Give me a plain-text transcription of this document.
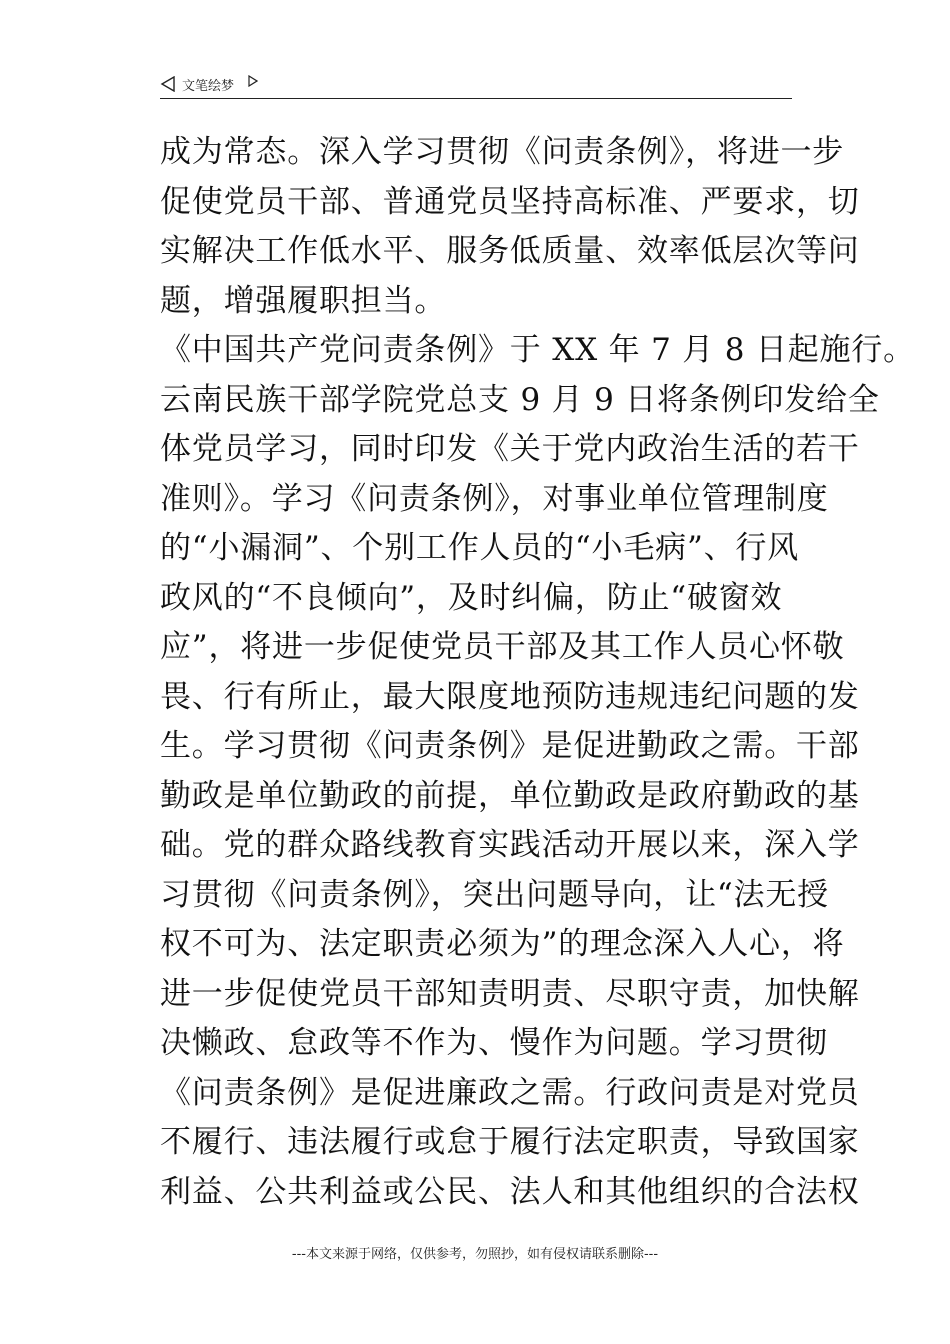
文笔绘梦
成为常态。深入学习贯彻《问责条例》，将进一步
促使党员干部、普通党员坚持高标准、严要求，切
实解决工作低水平、服务低质量、效率低层次等问
题，增强履职担当。
《中国共产党问责条例》于 XX 年 7 月 8 日起施行。
云南民族干部学院党总支 9 月 9 日将条例印发给全
体党员学习，同时印发《关于党内政治生活的若干
准则》。学习《问责条例》，对事业单位管理制度
的“小漏洞”、个别工作人员的“小毛病”、行风
政风的“不良倾向”，及时纠偏，防止“破窗效
应”，将进一步促使党员干部及其工作人员心怀敬
畏、行有所止，最大限度地预防违规违纪问题的发
生。学习贯彻《问责条例》是促进勤政之需。干部
勤政是单位勤政的前提，单位勤政是政府勤政的基
础。党的群众路线教育实践活动开展以来，深入学
习贯彻《问责条例》，突出问题导向，让“法无授
权不可为、法定职责必须为”的理念深入人心，将
进一步促使党员干部知责明责、尽职守责，加快解
决懒政、怠政等不作为、慢作为问题。学习贯彻
《问责条例》是促进廉政之需。行政问责是对党员
不履行、违法履行或怠于履行法定职责，导致国家
利益、公共利益或公民、法人和其他组织的合法权
---本文来源于网络，仅供参考，勿照抄，如有侵权请联系删除---
